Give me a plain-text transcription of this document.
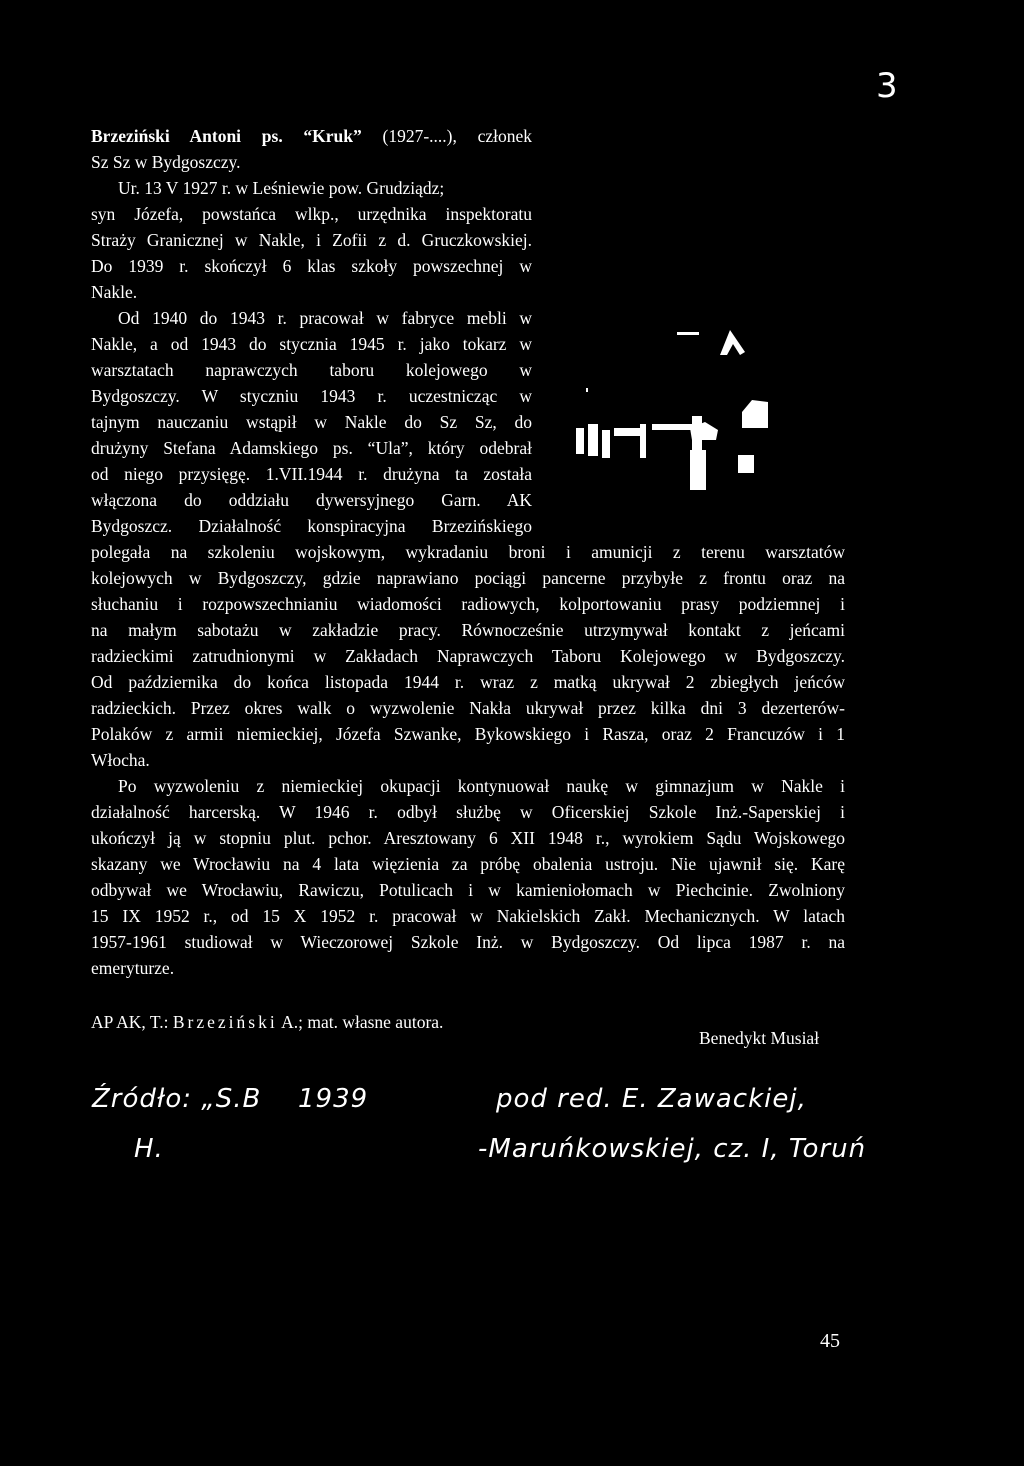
3
Brzeziński Antoni ps. “Kruk” (1927-....), członek
Sz Sz w Bydgoszczy.
Ur. 13 V 1927 r. w Leśniewie pow. Grudziądz;
syn Józefa, powstańca wlkp., urzędnika inspektoratu
Straży Granicznej w Nakle, i Zofii z d. Gruczkowskiej.
Do 1939 r. skończył 6 klas szkoły powszechnej w
Nakle.
Od 1940 do 1943 r. pracował w fabryce mebli w
Nakle, a od 1943 do stycznia 1945 r. jako tokarz w
warsztatach naprawczych taboru kolejowego w
Bydgoszczy. W styczniu 1943 r. uczestnicząc w
tajnym nauczaniu wstąpił w Nakle do Sz Sz, do
drużyny Stefana Adamskiego ps. “Ula”, który odebrał
od niego przysięgę. 1.VII.1944 r. drużyna ta została
włączona do oddziału dywersyjnego Garn. AK
Bydgoszcz. Działalność konspiracyjna Brzezińskiego
polegała na szkoleniu wojskowym, wykradaniu broni i amunicji z terenu warsztatów
kolejowych w Bydgoszczy, gdzie naprawiano pociągi pancerne przybyłe z frontu oraz na
słuchaniu i rozpowszechnianiu wiadomości radiowych, kolportowaniu prasy podziemnej i
na małym sabotażu w zakładzie pracy. Równocześnie utrzymywał kontakt z jeńcami
radzieckimi zatrudnionymi w Zakładach Naprawczych Taboru Kolejowego w Bydgoszczy.
Od października do końca listopada 1944 r. wraz z matką ukrywał 2 zbiegłych jeńców
radzieckich. Przez okres walk o wyzwolenie Nakła ukrywał przez kilka dni 3 dezerterów-
Polaków z armii niemieckiej, Józefa Szwanke, Bykowskiego i Rasza, oraz 2 Francuzów i 1
Włocha.
Po wyzwoleniu z niemieckiej okupacji kontynuował naukę w gimnazjum w Nakle i
działalność harcerską. W 1946 r. odbył służbę w Oficerskiej Szkole Inż.-Saperskiej i
ukończył ją w stopniu plut. pchor. Aresztowany 6 XII 1948 r., wyrokiem Sądu Wojskowego
skazany we Wrocławiu na 4 lata więzienia za próbę obalenia ustroju. Nie ujawnił się. Karę
odbywał we Wrocławiu, Rawiczu, Potulicach i w kamieniołomach w Piechcinie. Zwolniony
15 IX 1952 r., od 15 X 1952 r. pracował w Nakielskich Zakł. Mechanicznych. W latach
1957-1961 studiował w Wieczorowej Szkole Inż. w Bydgoszczy. Od lipca 1987 r. na
emeryturze.
AP AK, T.: Brzeziński A.; mat. własne autora.
Benedykt Musiał
Źródło: „S.B 1939	pod red. E. Zawackiej,
H.	-Maruńkowskiej, cz. I, Toruń
45
